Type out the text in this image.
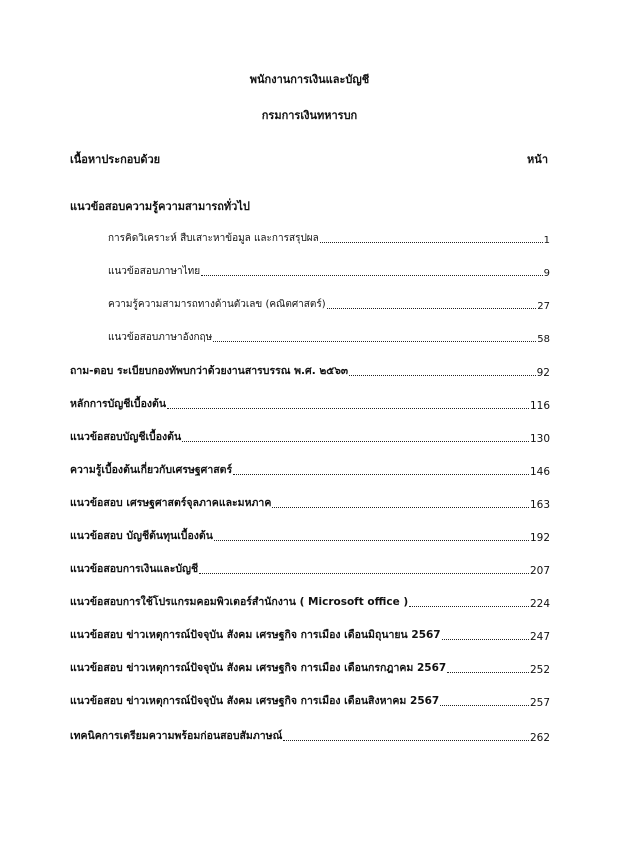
พนักงานการเงินและบัญชี
กรมการเงินทหารบก
เนื้อหาประกอบด้วย	หน้า
แนวข้อสอบความรู้ความสามารถทั่วไป
การคิดวิเคราะห์ สืบเสาะหาข้อมูล และการสรุปผล	1
แนวข้อสอบภาษาไทย	9
ความรู้ความสามารถทางด้านตัวเลข (คณิตศาสตร์)	27
แนวข้อสอบภาษาอังกฤษ	58
ถาม-ตอบ ระเบียบกองทัพบกว่าด้วยงานสารบรรณ พ.ศ. ๒๕๖๓	92
หลักการบัญชีเบื้องต้น	116
แนวข้อสอบบัญชีเบื้องต้น	130
ความรู้เบื้องต้นเกี่ยวกับเศรษฐศาสตร์	146
แนวข้อสอบ เศรษฐศาสตร์จุลภาคและมหภาค	163
แนวข้อสอบ บัญชีต้นทุนเบื้องต้น	192
แนวข้อสอบการเงินและบัญชี	207
แนวข้อสอบการใช้โปรแกรมคอมพิวเตอร์สำนักงาน ( Microsoft office )	224
แนวข้อสอบ ข่าวเหตุการณ์ปัจจุบัน สังคม เศรษฐกิจ การเมือง เดือนมิถุนายน 2567	247
แนวข้อสอบ ข่าวเหตุการณ์ปัจจุบัน สังคม เศรษฐกิจ การเมือง เดือนกรกฎาคม 2567	252
แนวข้อสอบ ข่าวเหตุการณ์ปัจจุบัน สังคม เศรษฐกิจ การเมือง เดือนสิงหาคม 2567	257
เทคนิคการเตรียมความพร้อมก่อนสอบสัมภาษณ์	262
